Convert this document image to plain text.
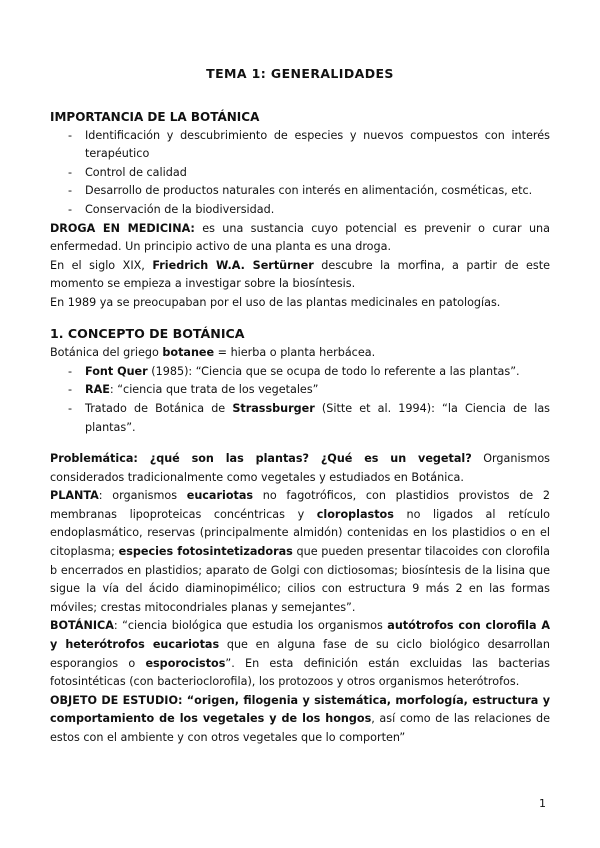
TEMA 1: GENERALIDADES

IMPORTANCIA DE LA BOTÁNICA

- Identificación y descubrimiento de especies y nuevos compuestos con interés terapéutico
- Control de calidad
- Desarrollo de productos naturales con interés en alimentación, cosméticas, etc.
- Conservación de la biodiversidad.

DROGA EN MEDICINA: es una sustancia cuyo potencial es prevenir o curar una enfermedad. Un principio activo de una planta es una droga.

En el siglo XIX, Friedrich W.A. Sertürner descubre la morfina, a partir de este momento se empieza a investigar sobre la biosíntesis.

En 1989 ya se preocupaban por el uso de las plantas medicinales en patologías.

1. CONCEPTO DE BOTÁNICA

Botánica del griego botanee = hierba o planta herbácea.

- Font Quer (1985): “Ciencia que se ocupa de todo lo referente a las plantas”.
- RAE: “ciencia que trata de los vegetales”
- Tratado de Botánica de Strassburger (Sitte et al. 1994): “la Ciencia de las plantas”.

Problemática: ¿qué son las plantas? ¿Qué es un vegetal? Organismos considerados tradicionalmente como vegetales y estudiados en Botánica.

PLANTA: organismos eucariotas no fagotróficos, con plastidios provistos de 2 membranas lipoproteicas concéntricas y cloroplastos no ligados al retículo endoplasmático, reservas (principalmente almidón) contenidas en los plastidios o en el citoplasma; especies fotosintetizadoras que pueden presentar tilacoides con clorofila b encerrados en plastidios; aparato de Golgi con dictiosomas; biosíntesis de la lisina que sigue la vía del ácido diaminopimélico; cilios con estructura 9 más 2 en las formas móviles; crestas mitocondriales planas y semejantes”.

BOTÁNICA: “ciencia biológica que estudia los organismos autótrofos con clorofila A y heterótrofos eucariotas que en alguna fase de su ciclo biológico desarrollan esporangios o esporocistos”. En esta definición están excluidas las bacterias fotosintéticas (con bacterioclorofila), los protozoos y otros organismos heterótrofos.

OBJETO DE ESTUDIO: “origen, filogenia y sistemática, morfología, estructura y comportamiento de los vegetales y de los hongos, así como de las relaciones de estos con el ambiente y con otros vegetales que lo comporten”

1
